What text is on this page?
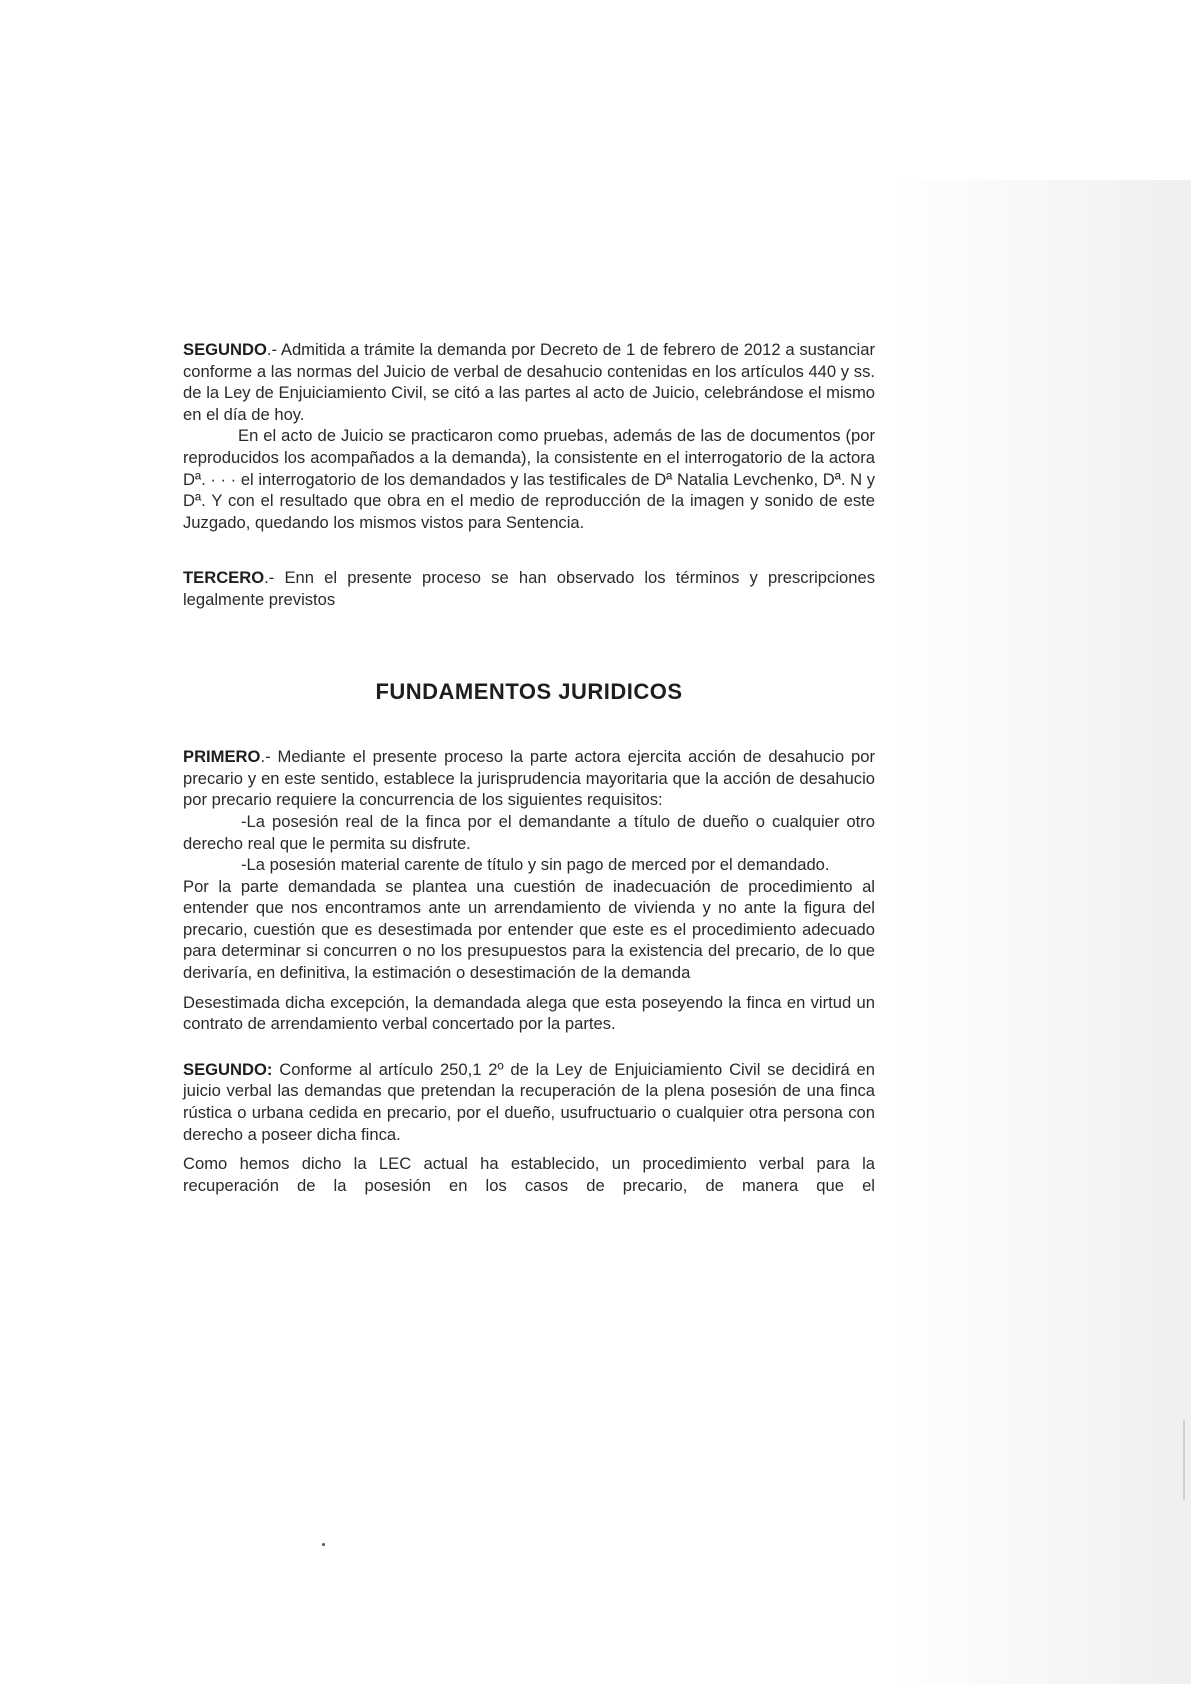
SEGUNDO.- Admitida a trámite la demanda por Decreto de 1 de febrero de 2012 a sustanciar conforme a las normas del Juicio de verbal de desahucio contenidas en los artículos 440 y ss. de la Ley de Enjuiciamiento Civil, se citó a las partes al acto de Juicio, celebrándose el mismo en el día de hoy.

En el acto de Juicio se practicaron como pruebas, además de las de documentos (por reproducidos los acompañados a la demanda), la consistente en el interrogatorio de la actora Dª. · · · el interrogatorio de los demandados y las testificales de Dª Natalia Levchenko, Dª. N y Dª. Y con el resultado que obra en el medio de reproducción de la imagen y sonido de este Juzgado, quedando los mismos vistos para Sentencia.

TERCERO.- Enn el presente proceso se han observado los términos y prescripciones legalmente previstos

FUNDAMENTOS JURIDICOS

PRIMERO.- Mediante el presente proceso la parte actora ejercita acción de desahucio por precario y en este sentido, establece la jurisprudencia mayoritaria que la acción de desahucio por precario requiere la concurrencia de los siguientes requisitos:

-La posesión real de la finca por el demandante a título de dueño o cualquier otro derecho real que le permita su disfrute.

-La posesión material carente de título y sin pago de merced por el demandado.

Por la parte demandada se plantea una cuestión de inadecuación de procedimiento al entender que nos encontramos ante un arrendamiento de vivienda y no ante la figura del precario, cuestión que es desestimada por entender que este es el procedimiento adecuado para determinar si concurren o no los presupuestos para la existencia del precario, de lo que derivaría, en definitiva, la estimación o desestimación de la demanda

Desestimada dicha excepción, la demandada alega que esta poseyendo la finca en virtud un contrato de arrendamiento verbal concertado por la partes.

SEGUNDO: Conforme al artículo 250,1 2º de la Ley de Enjuiciamiento Civil se decidirá en juicio verbal las demandas que pretendan la recuperación de la plena posesión de una finca rústica o urbana cedida en precario, por el dueño, usufructuario o cualquier otra persona con derecho a poseer dicha finca.

Como hemos dicho la LEC actual ha establecido, un procedimiento verbal para la recuperación de la posesión en los casos de precario, de manera que el
